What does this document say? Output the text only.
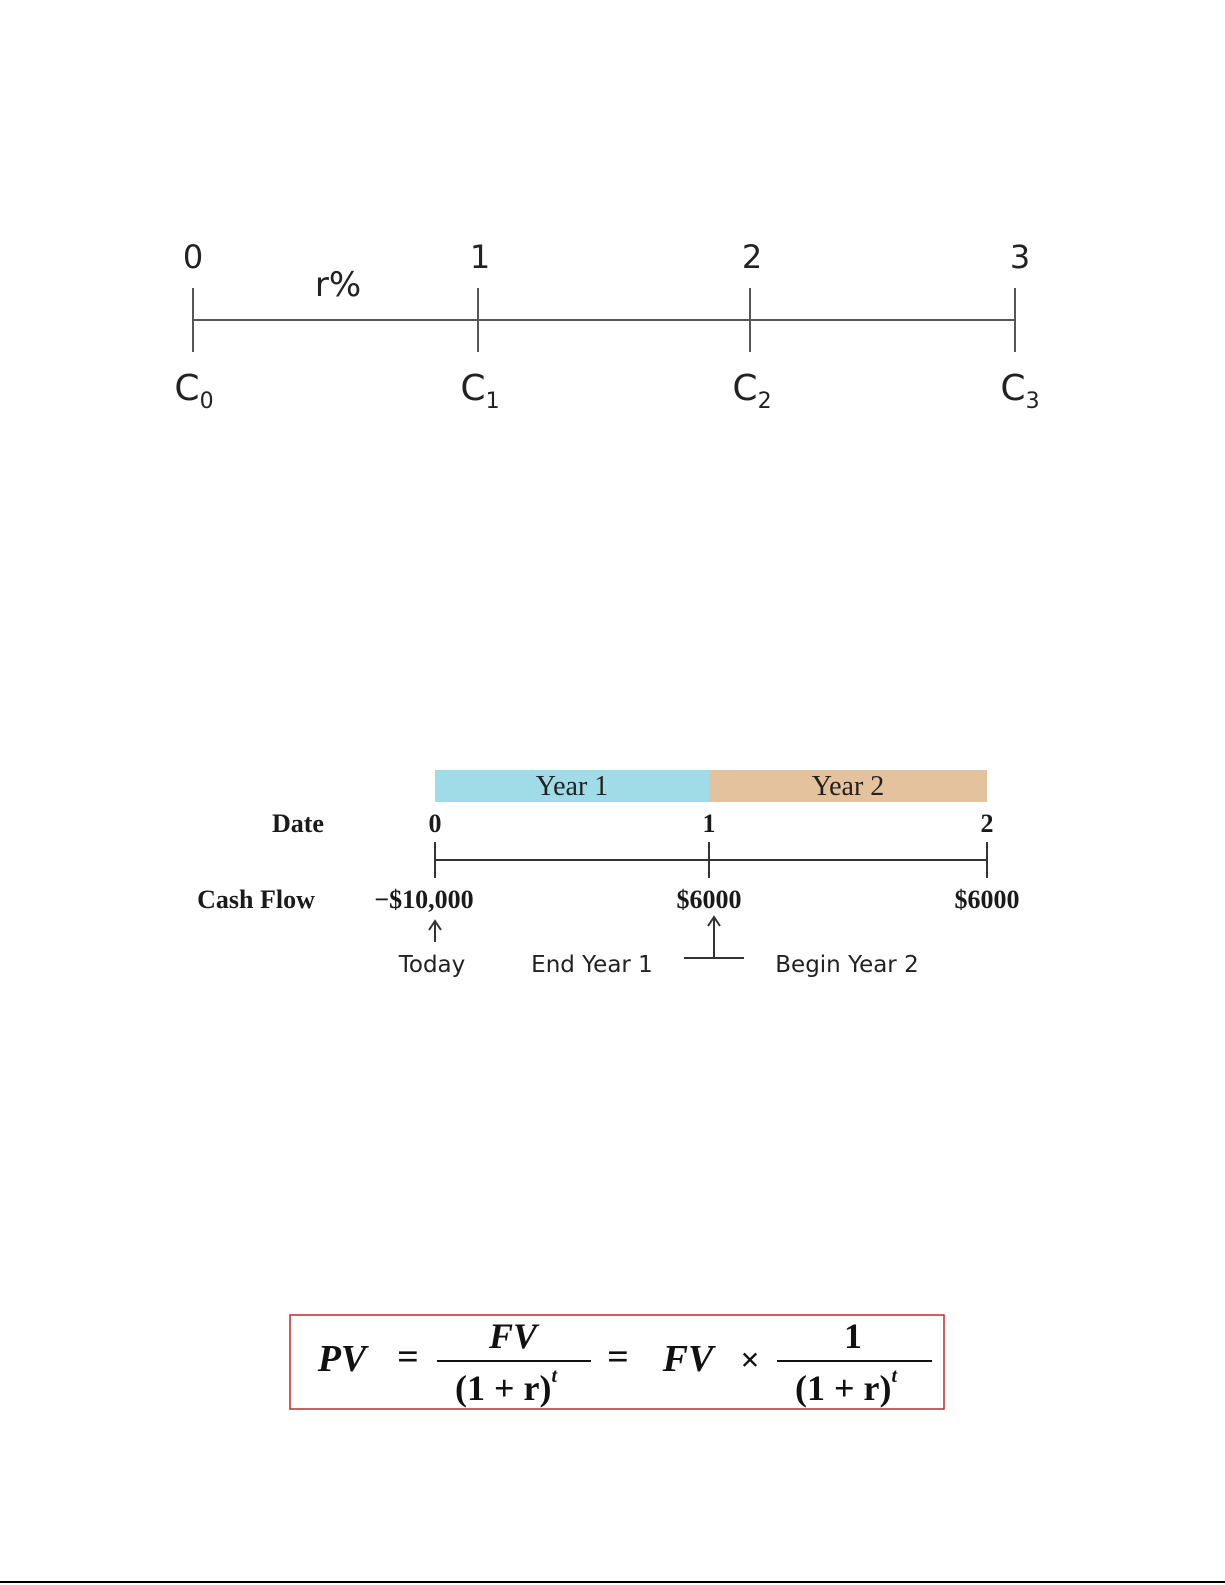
0	1	2	3
r%
$C_0$	$C_1$	$C_2$	$C_3$
Year 1	Year 2
Date	0	1	2
Cash Flow −$10,000	$6000	$6000
Today	End Year 1	Begin Year 2
PV = FV
$(1 + r)^t$ = FV ×
1
$(1 + r)^t$
